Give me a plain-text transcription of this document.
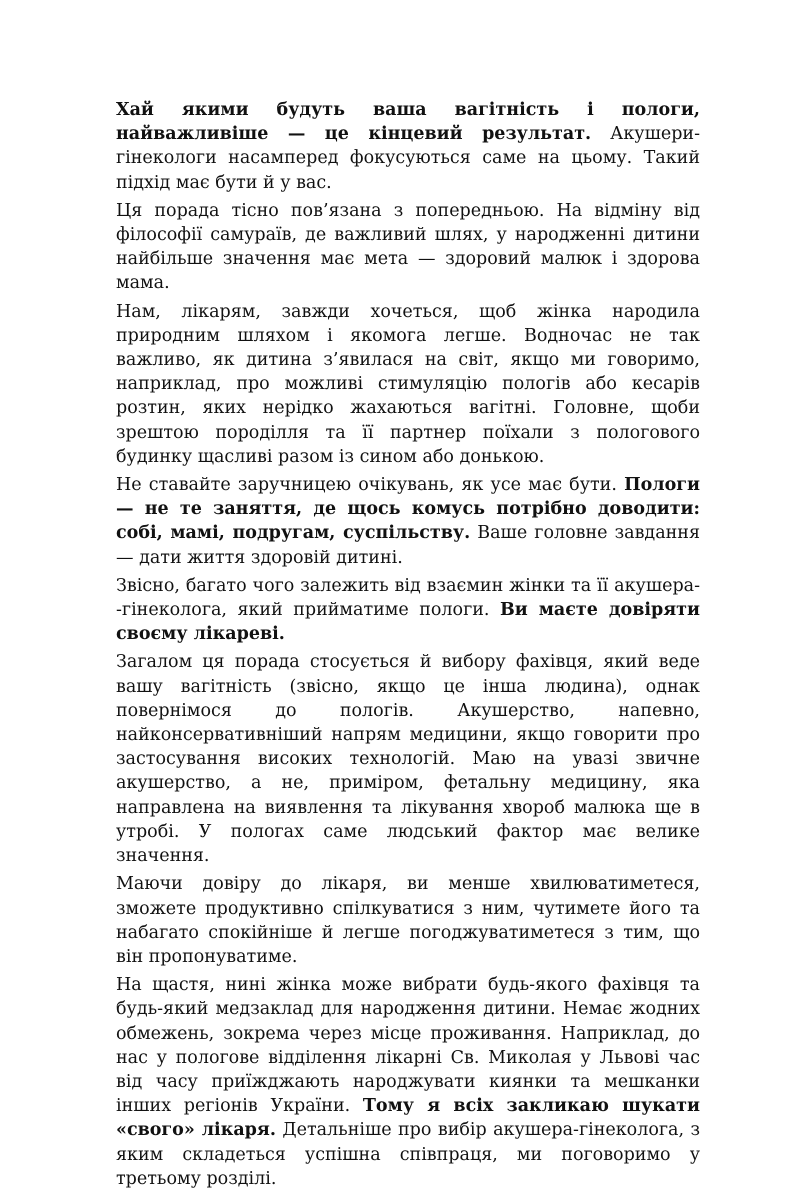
Хай якими будуть ваша вагітність і пологи, найважливіше — це кінцевий результат. Акушери-гінекологи насамперед фокусуються саме на цьому. Такий підхід має бути й у вас.

Ця порада тісно пов’язана з попередньою. На відміну від філософії самураїв, де важливий шлях, у народженні дитини найбільше значення має мета — здоровий малюк і здорова мама.

Нам, лікарям, завжди хочеться, щоб жінка народила природним шляхом і якомога легше. Водночас не так важливо, як дитина з’явилася на світ, якщо ми говоримо, наприклад, про можливі стимуляцію пологів або кесарів розтин, яких нерідко жахаються вагітні. Головне, щоби зрештою породілля та її партнер поїхали з пологового будинку щасливі разом із сином або донькою.

Не ставайте заручницею очікувань, як усе має бути. Пологи — не те заняття, де щось комусь потрібно доводити: собі, мамі, подругам, суспільству. Ваше головне завдання — дати життя здоровій дитині.

Звісно, багато чого залежить від взаємин жінки та її акушера--гінеколога, який прийматиме пологи. Ви маєте довіряти своєму лікареві.

Загалом ця порада стосується й вибору фахівця, який веде вашу вагітність (звісно, якщо це інша людина), однак повернімося до пологів. Акушерство, напевно, найконсервативніший напрям медицини, якщо говорити про застосування високих технологій. Маю на увазі звичне акушерство, а не, приміром, фетальну медицину, яка направлена на виявлення та лікування хвороб малюка ще в утробі. У пологах саме людський фактор має велике значення.

Маючи довіру до лікаря, ви менше хвилюватиметеся, зможете продуктивно спілкуватися з ним, чутимете його та набагато спокійніше й легше погоджуватиметеся з тим, що він пропонуватиме.

На щастя, нині жінка може вибрати будь-якого фахівця та будь-який медзаклад для народження дитини. Немає жодних обмежень, зокрема через місце проживання. Наприклад, до нас у пологове відділення лікарні Св. Миколая у Львові час від часу приїжджають народжувати киянки та мешканки інших регіонів України. Тому я всіх закликаю шукати «свого» лікаря. Детальніше про вибір акушера-гінеколога, з яким складеться успішна співпраця, ми поговоримо у третьому розділі.
